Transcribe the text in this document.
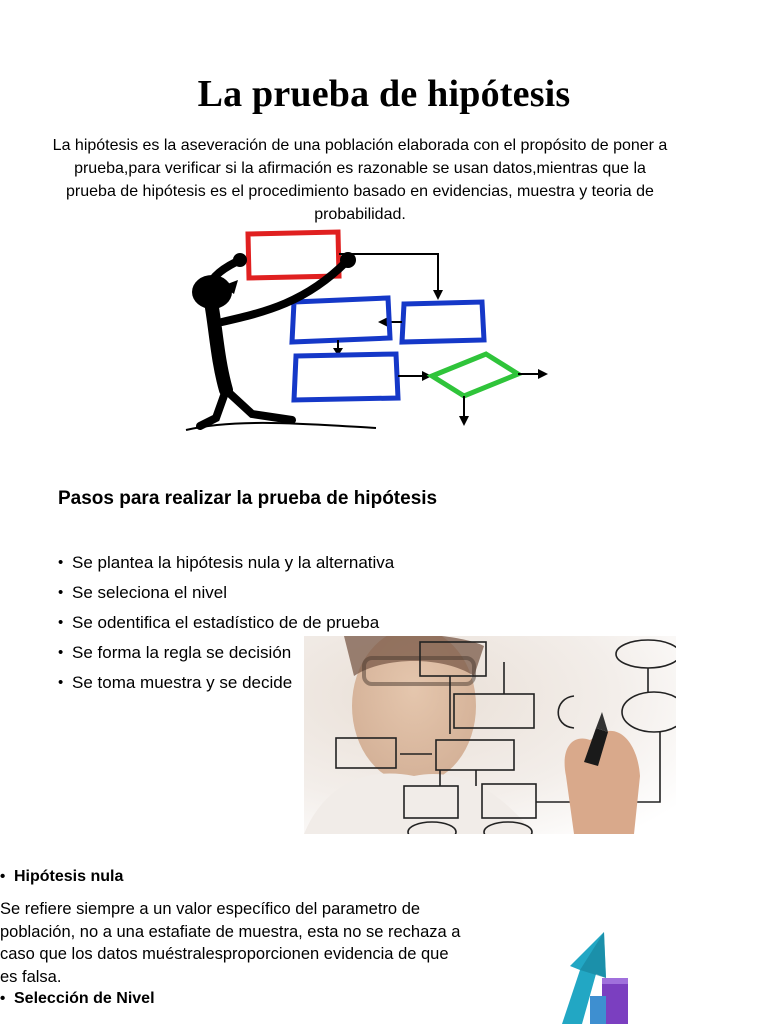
La prueba de hipótesis
La hipótesis es la aseveración de una población elaborada con el propósito de poner a prueba,para verificar si la afirmación es razonable se usan datos,mientras que la prueba de hipótesis es el procedimiento basado en evidencias, muestra y teoria de probabilidad.
Pasos para realizar la prueba de hipótesis
• Se plantea la hipótesis nula y la alternativa
• Se seleciona el nivel
• Se odentifica el estadístico de de prueba
• Se forma la regla se decisión
• Se toma muestra y se decide
• Hipótesis nula
Se refiere siempre a un valor específico del parametro de población, no a una estafiate de muestra, esta no se rechaza a caso que los datos muéstralesproporcionen evidencia de que es falsa.
• Selección de Nivel
